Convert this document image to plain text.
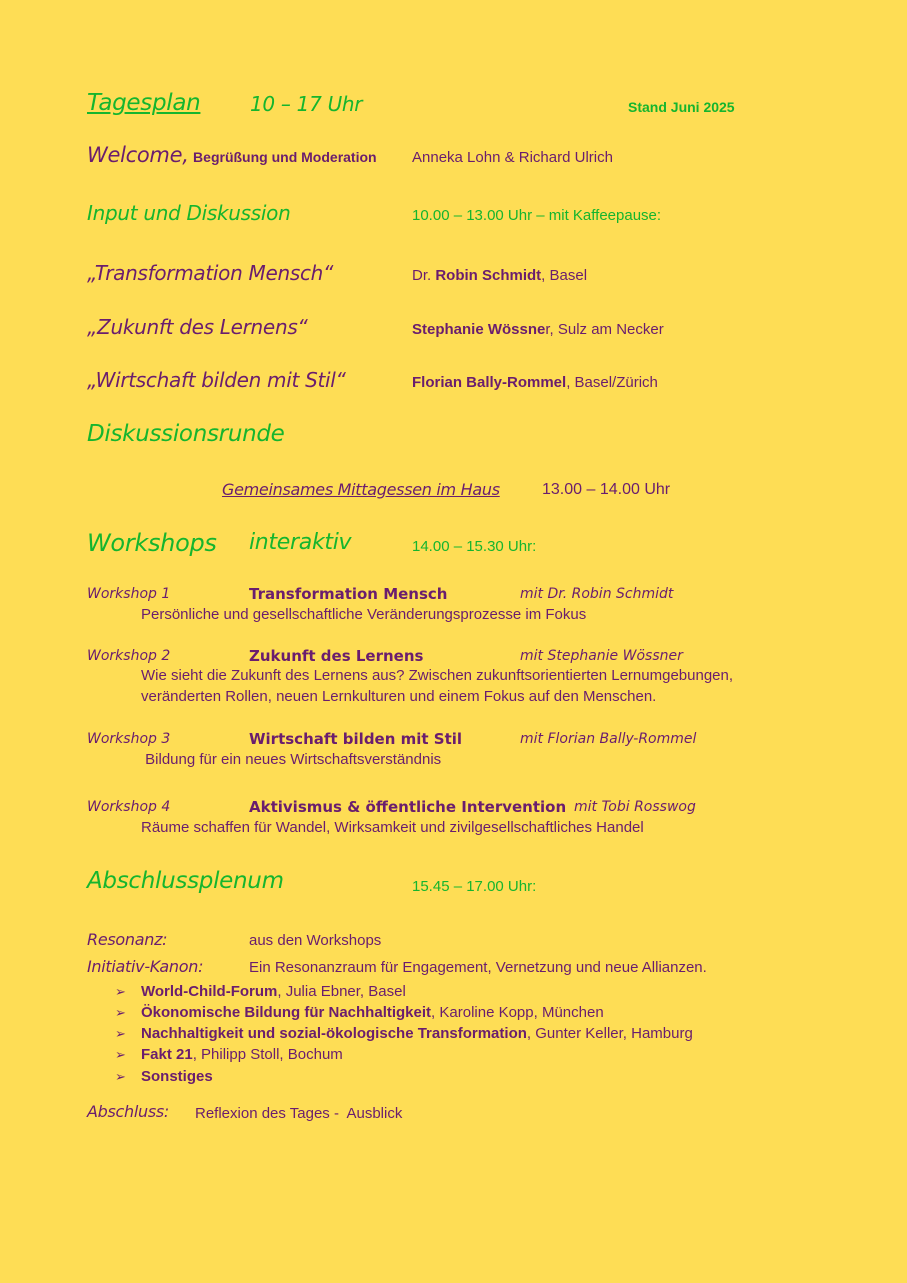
Tagesplan 10 – 17 Uhr	Stand Juni 2025
Welcome, Begrüßung und Moderation Anneka Lohn & Richard Ulrich
Input und Diskussion	10.00 – 13.00 Uhr – mit Kaffeepause:
„Transformation Mensch“	Dr. Robin Schmidt, Basel
„Zukunft des Lernens“	Stephanie Wössner, Sulz am Necker
„Wirtschaft bilden mit Stil“	Florian Bally-Rommel, Basel/Zürich
Diskussionsrunde
Gemeinsames Mittagessen im Haus	13.00 – 14.00 Uhr
Workshops interaktiv	14.00 – 15.30 Uhr:
Workshop 1	Transformation Mensch	mit Dr. Robin Schmidt
Persönliche und gesellschaftliche Veränderungsprozesse im Fokus
Workshop 2	Zukunft des Lernens	mit Stephanie Wössner
Wie sieht die Zukunft des Lernens aus? Zwischen zukunftsorientierten Lernumgebungen,
veränderten Rollen, neuen Lernkulturen und einem Fokus auf den Menschen.
Workshop 3	Wirtschaft bilden mit Stil	mit Florian Bally-Rommel
Bildung für ein neues Wirtschaftsverständnis
Workshop 4	Aktivismus & öffentliche Intervention mit Tobi Rosswog
Räume schaffen für Wandel, Wirksamkeit und zivilgesellschaftliches Handel
Abschlussplenum	15.45 – 17.00 Uhr:
Resonanz:	aus den Workshops
Initiativ-Kanon:	Ein Resonanzraum für Engagement, Vernetzung und neue Allianzen.
➢ World-Child-Forum, Julia Ebner, Basel
➢ Ökonomische Bildung für Nachhaltigkeit, Karoline Kopp, München
➢ Nachhaltigkeit und sozial-ökologische Transformation, Gunter Keller, Hamburg
➢ Fakt 21, Philipp Stoll, Bochum
➢ Sonstiges
Abschluss: Reflexion des Tages -  Ausblick
